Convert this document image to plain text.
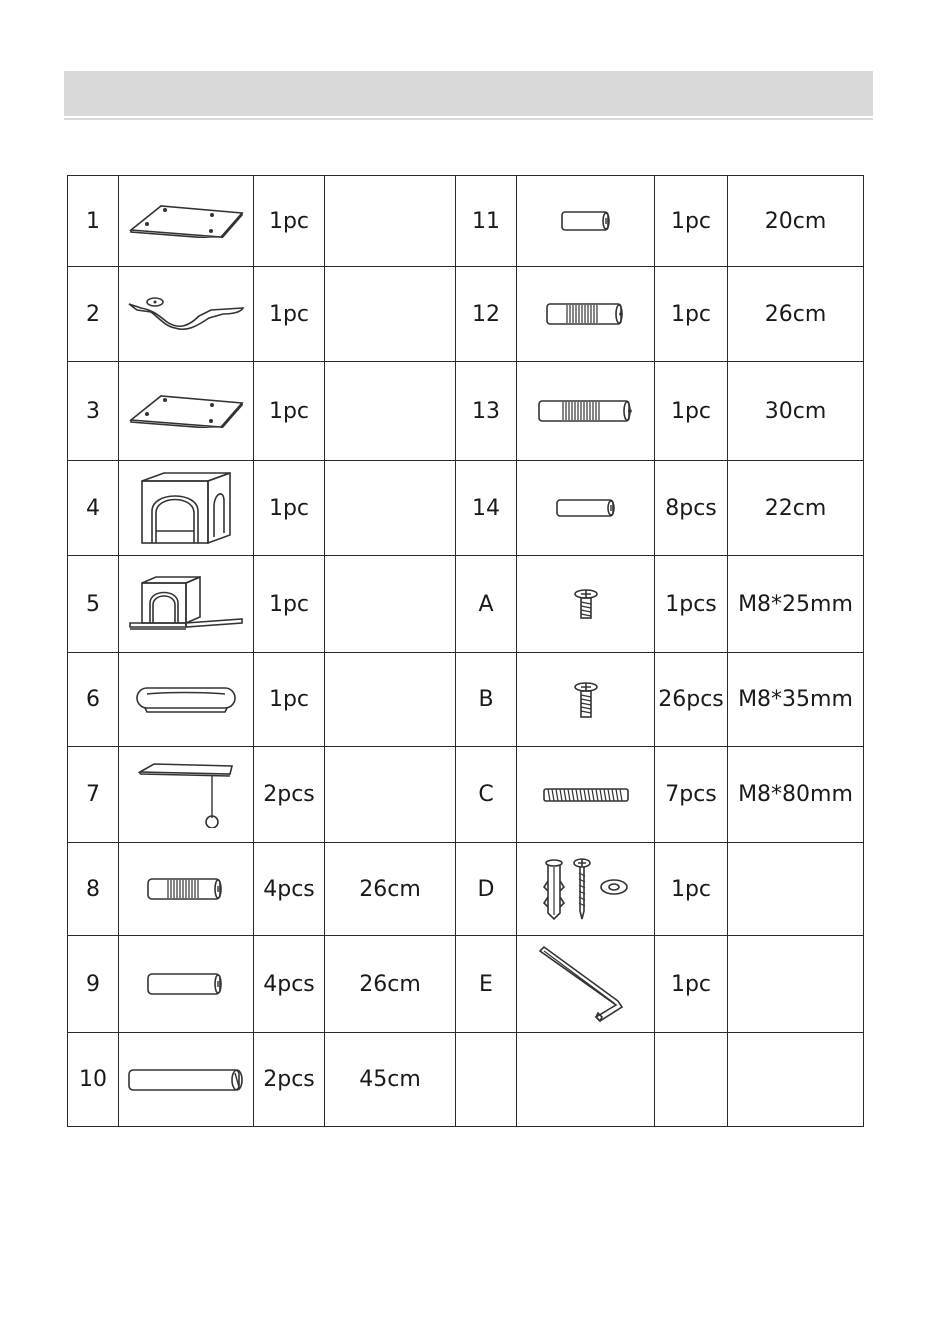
1		1pc		11		1pc	20cm
2		1pc		12		1pc	26cm
3		1pc		13		1pc	30cm
4		1pc		14		8pcs	22cm
5		1pc		A		1pcs	M8*25mm
6		1pc		B		26pcs	M8*35mm
7		2pcs		C		7pcs	M8*80mm
8		4pcs	26cm	D		1pc	
9		4pcs	26cm	E		1pc	
10		2pcs	45cm				
